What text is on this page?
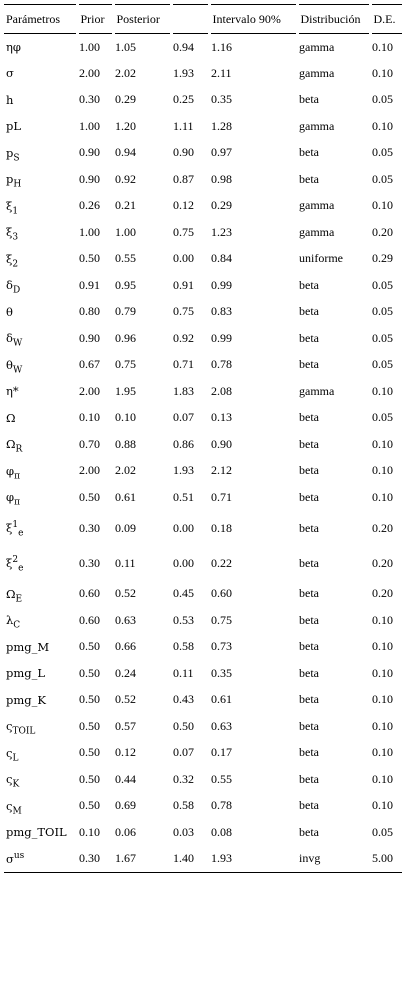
Parámetros	Prior	Posterior		Intervalo 90%	Distribución	D.E.
ηφ	1.00	1.05	0.94	1.16	gamma	0.10
σ	2.00	2.02	1.93	2.11	gamma	0.10
h	0.30	0.29	0.25	0.35	beta	0.05
pL	1.00	1.20	1.11	1.28	gamma	0.10
$p_S$	0.90	0.94	0.90	0.97	beta	0.05
$p_H$	0.90	0.92	0.87	0.98	beta	0.05
$\xi_1$	0.26	0.21	0.12	0.29	gamma	0.10
$\xi_3$	1.00	1.00	0.75	1.23	gamma	0.20
$\xi_2$	0.50	0.55	0.00	0.84	uniforme	0.29
$\delta_D$	0.91	0.95	0.91	0.99	beta	0.05
θ	0.80	0.79	0.75	0.83	beta	0.05
$\delta_W$	0.90	0.96	0.92	0.99	beta	0.05
$\theta_W$	0.67	0.75	0.71	0.78	beta	0.05
η*	2.00	1.95	1.83	2.08	gamma	0.10
Ω	0.10	0.10	0.07	0.13	beta	0.05
$\Omega_R$	0.70	0.88	0.86	0.90	beta	0.10
$\varphi_\pi$	2.00	2.02	1.93	2.12	beta	0.10
$\varphi_\pi$	0.50	0.61	0.51	0.71	beta	0.10
$\xi^1_e$	0.30	0.09	0.00	0.18	beta	0.20
$\xi^2_e$	0.30	0.11	0.00	0.22	beta	0.20
$\Omega_E$	0.60	0.52	0.45	0.60	beta	0.20
$\lambda_C$	0.60	0.63	0.53	0.75	beta	0.10
pmg_M	0.50	0.66	0.58	0.73	beta	0.10
pmg_L	0.50	0.24	0.11	0.35	beta	0.10
pmg_K	0.50	0.52	0.43	0.61	beta	0.10
$\varsigma_{TOIL}$	0.50	0.57	0.50	0.63	beta	0.10
$\varsigma_L$	0.50	0.12	0.07	0.17	beta	0.10
$\varsigma_K$	0.50	0.44	0.32	0.55	beta	0.10
$\varsigma_M$	0.50	0.69	0.58	0.78	beta	0.10
pmg_TOIL	0.10	0.06	0.03	0.08	beta	0.05
$\sigma^{us}$	0.30	1.67	1.40	1.93	invg	5.00
